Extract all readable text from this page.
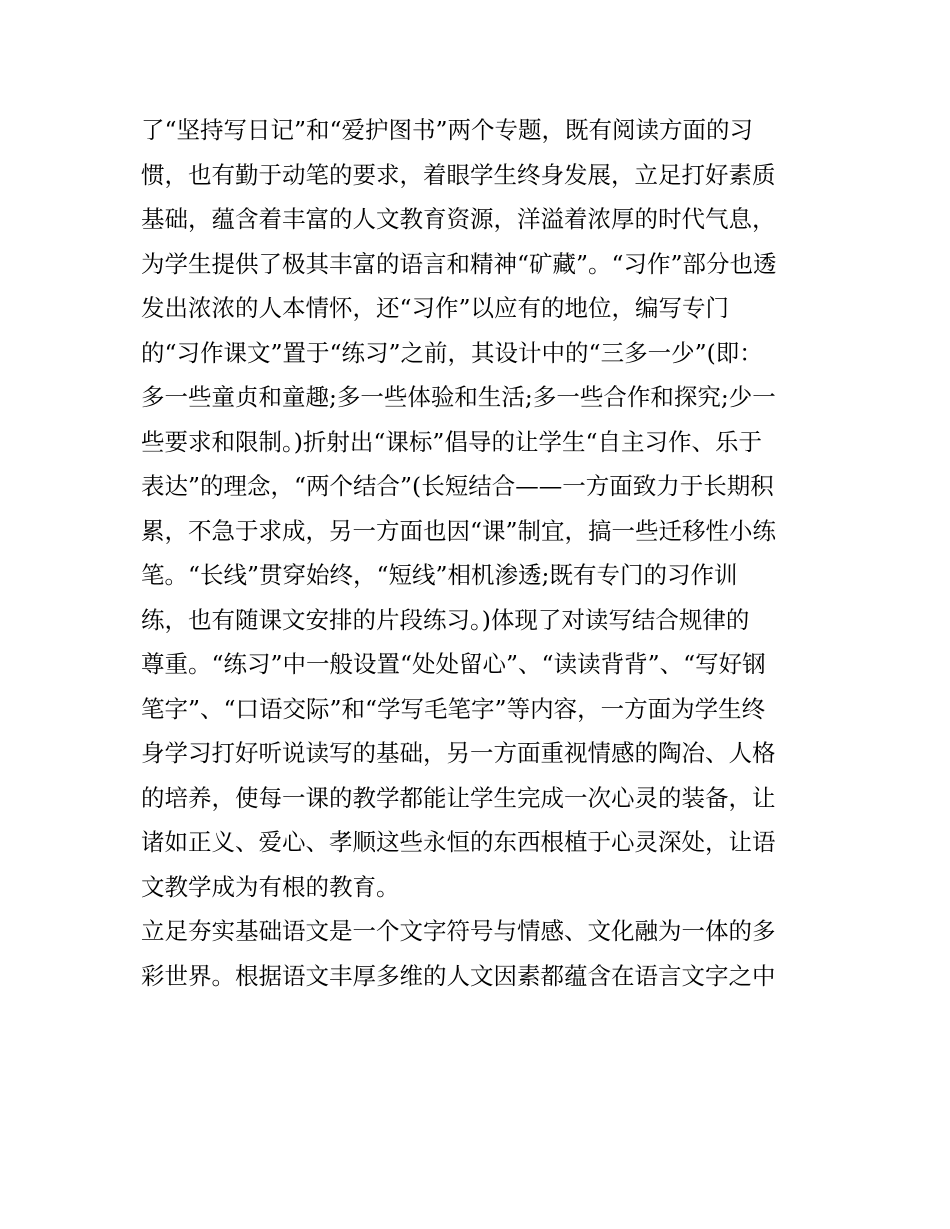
了“坚持写日记”和“爱护图书”两个专题，既有阅读方面的习
惯，也有勤于动笔的要求，着眼学生终身发展，立足打好素质
基础，蕴含着丰富的人文教育资源，洋溢着浓厚的时代气息，
为学生提供了极其丰富的语言和精神“矿藏”。“习作”部分也透
发出浓浓的人本情怀，还“习作”以应有的地位，编写专门
的“习作课文”置于“练习”之前，其设计中的“三多一少”(即：
多一些童贞和童趣;多一些体验和生活;多一些合作和探究;少一
些要求和限制。)折射出“课标”倡导的让学生“自主习作、乐于
表达”的理念，“两个结合”(长短结合——一方面致力于长期积
累，不急于求成，另一方面也因“课”制宜，搞一些迁移性小练
笔。“长线”贯穿始终，“短线”相机渗透;既有专门的习作训
练，也有随课文安排的片段练习。)体现了对读写结合规律的
尊重。“练习”中一般设置“处处留心”、“读读背背”、“写好钢
笔字”、“口语交际”和“学写毛笔字”等内容，一方面为学生终
身学习打好听说读写的基础，另一方面重视情感的陶冶、人格
的培养，使每一课的教学都能让学生完成一次心灵的装备，让
诸如正义、爱心、孝顺这些永恒的东西根植于心灵深处，让语
文教学成为有根的教育。
立足夯实基础语文是一个文字符号与情感、文化融为一体的多
彩世界。根据语文丰厚多维的人文因素都蕴含在语言文字之中
